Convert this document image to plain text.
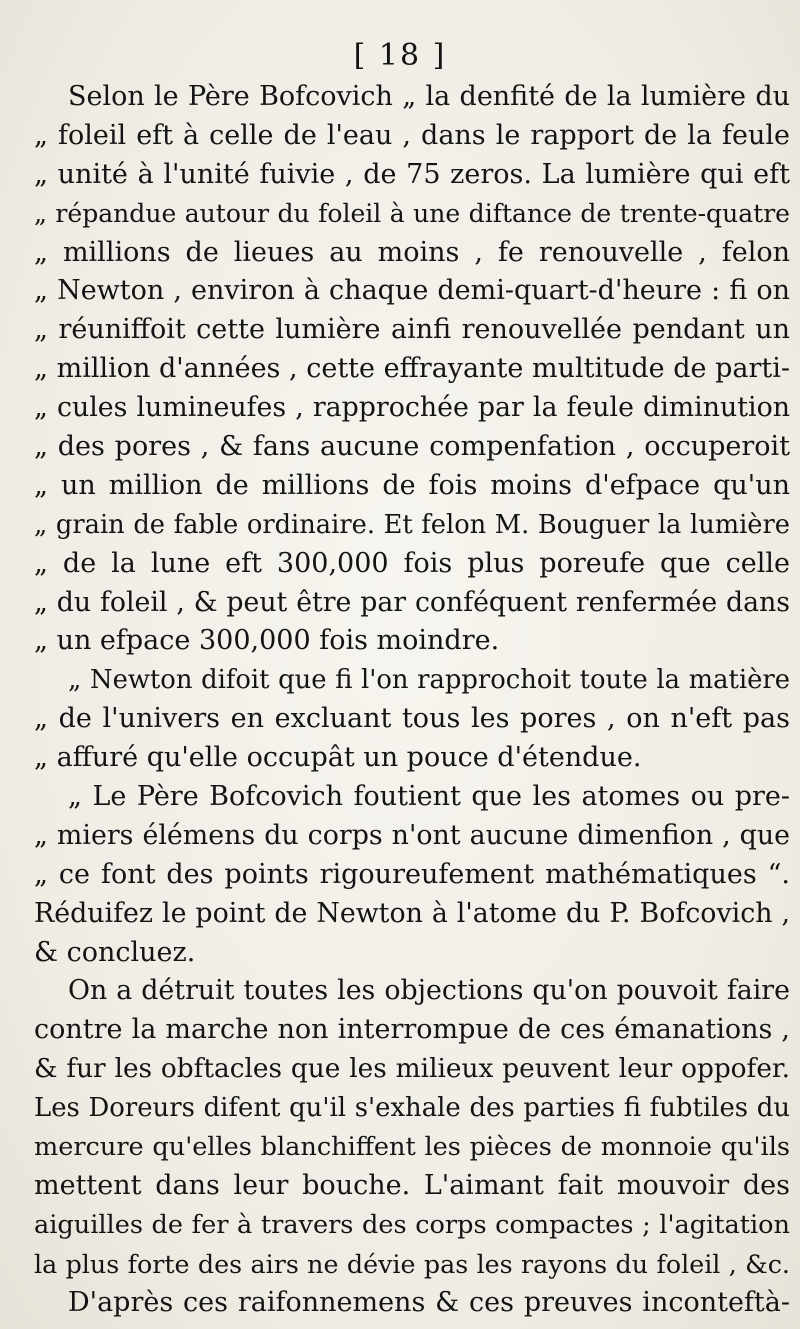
[ 18 ]
Selon le Père Bofcovich „ la denfité de la lumière du
„ foleil eft à celle de l'eau , dans le rapport de la feule
„ unité à l'unité fuivie , de 75 zeros. La lumière qui eft
„ répandue autour du foleil à une diftance de trente-quatre
„ millions de lieues au moins , fe renouvelle , felon
„ Newton , environ à chaque demi-quart-d'heure : fi on
„ réuniffoit cette lumière ainfi renouvellée pendant un
„ million d'années , cette effrayante multitude de parti-
„ cules lumineufes , rapprochée par la feule diminution
„ des pores , & fans aucune compenfation , occuperoit
„ un million de millions de fois moins d'efpace qu'un
„ grain de fable ordinaire. Et felon M. Bouguer la lumière
„ de la lune eft 300,000 fois plus poreufe que celle
„ du foleil , & peut être par conféquent renfermée dans
„ un efpace 300,000 fois moindre.
„ Newton difoit que fi l'on rapprochoit toute la matière
„ de l'univers en excluant tous les pores , on n'eft pas
„ affuré qu'elle occupât un pouce d'étendue.
„ Le Père Bofcovich foutient que les atomes ou pre-
„ miers élémens du corps n'ont aucune dimenfion , que
„ ce font des points rigoureufement mathématiques “.
Réduifez le point de Newton à l'atome du P. Bofcovich ,
& concluez.
On a détruit toutes les objections qu'on pouvoit faire
contre la marche non interrompue de ces émanations ,
& fur les obftacles que les milieux peuvent leur oppofer.
Les Doreurs difent qu'il s'exhale des parties fi fubtiles du
mercure qu'elles blanchiffent les pièces de monnoie qu'ils
mettent dans leur bouche. L'aimant fait mouvoir des
aiguilles de fer à travers des corps compactes ; l'agitation
la plus forte des airs ne dévie pas les rayons du foleil , &c.
D'après ces raifonnemens & ces preuves inconteftà-
